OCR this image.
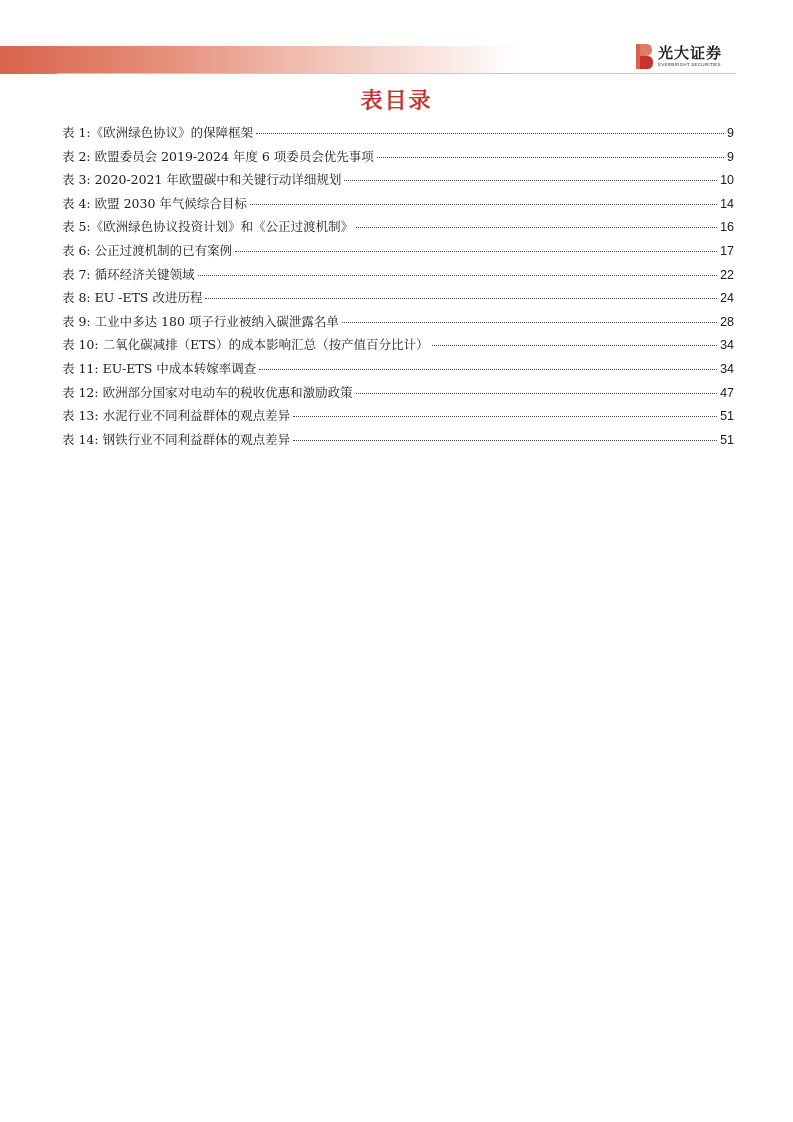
光大证券
EVERBRIGHT SECURITIES
表目录
表 1:《欧洲绿色协议》的保障框架	9
表 2: 欧盟委员会 2019-2024 年度 6 项委员会优先事项	9
表 3: 2020-2021 年欧盟碳中和关键行动详细规划	10
表 4: 欧盟 2030 年气候综合目标	14
表 5:《欧洲绿色协议投资计划》和《公正过渡机制》	16
表 6: 公正过渡机制的已有案例	17
表 7: 循环经济关键领域	22
表 8: EU -ETS 改进历程	24
表 9: 工业中多达 180 项子行业被纳入碳泄露名单	28
表 10: 二氧化碳减排（ETS）的成本影响汇总（按产值百分比计）	34
表 11: EU-ETS 中成本转嫁率调查	34
表 12: 欧洲部分国家对电动车的税收优惠和激励政策	47
表 13: 水泥行业不同利益群体的观点差异	51
表 14: 钢铁行业不同利益群体的观点差异	51
